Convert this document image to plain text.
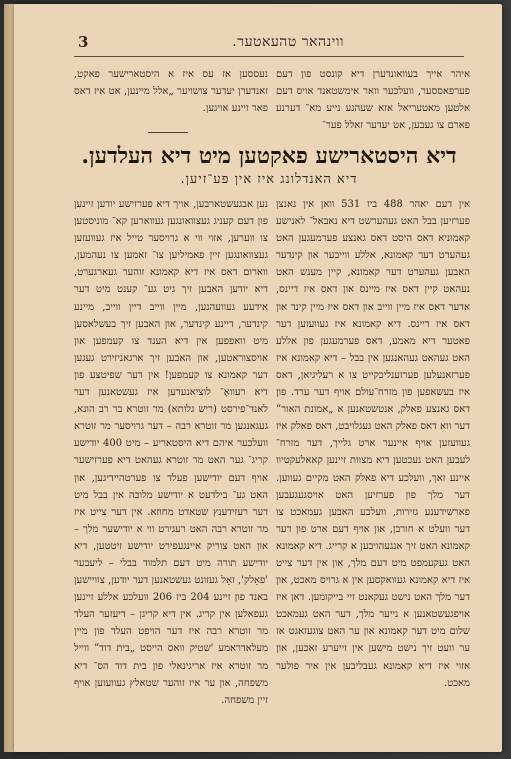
ווינהאר טהעאטער.
3

איהר אייך בעוואונדערן דיא קונסט פון דעם פערפאססער, וועלכער וואר אימשטאנד אויס דעם אלטען מאטעריאל אזא שעהנע נייע מא־ דערנע פארם צו געבען, אט יעדער זאלל פער־

נעססען אז עס איז א היסטארישער פאקט, זאנדערן יעדער צושויער „אלל מיינען, אט איז דאס פאר זיינע אויגען.

דיא היסטארישע פאקטען מיט דיא העלדען.
דיא האנדלונג איז אין פע־זיען.

אין דעם יאהר 488 ביז 531 וואן אין נאנצן פערזיען בבל האט געהערשט דיא נאבאל־ לאנישע קאמוניא דאס היסט דאס גאנצע פערמעגען האט געהערט דער קאמונא, אללע ווייבער און קינדער האבען געהערט דער קאמונא, קיין מענש האט נעהאט קיין דאס איז מיינס און דאס איז דיינס, אדער דאס איז מיין ווייב און דאס איז מיין קינד און דאס איז דיינס. דיא קאמונא איז געוועזען דער פאטער דיא מאמע, דאס פערמעגען פון אללע האט געהאט געהאנגען אין בבל – דיא קאמונא איז פערזאנעלען פערזענליכקייט צו א רעליגיאן, דאס איז בעשאפען פון מזרח־עולם אויף דער ערד. פון דאס גאנצע פאלק, אנטשטאנען א „אמונת האור” דער ווא דאס פאלק האט געגלויבט, דאס פאלק איז געוועזען אויף איינער ארט גלייך, דער מזרח־ לעבען האט נעכטען דיא מצוות זיינען קאאלעקטיוו איינע זאך, וועלכע דיא פאלק האט מקיים געווען. דער מלך פון פערזיען האט אויסגעגעבען פארשידענע גזירות, וועלכע האבען געמאכט צו דער וועלט א חורבן, און אויף דעם ארט פון דער קאמונא האט זיך אנגעהויבען א קרייג. דיא קאמונא האט געקעמפט מיט דעם מלך, און אין דער צייט איז דיא קאמונא געוואקסען אין א גרויס מאכט, און דער מלך האט נישט געקאנט זיי בייקומען. דאן איז אויפגעשטאנען א נייער מלך, דער האט געמאכט שלום מיט דער קאמונא און ער האט צוגעזאגט אז ער וועט זיך נישט מישען אין זייערע זאכען, און אזוי איז דיא קאמונא געבליבען אין איר פולער מאכט.

נען אבגעשטארבען, אויך דיא פערזישע יודען זיינען פון דעם קעניג געצוואונגען געווארען קא־ מוניסטען צו ווערען, אזוי ווי א גרויסער טייל איז געוועזען געצוואונגען זיין פאמיליען צו־ זאמען צו נעהמען, ווארום דאס איז דיא קאמונא זוהער געארגערט, דיא יודען האבען זיך גיט גע־ קענט מיט דער אידעע געוועהנען, מיין ווייב דיין ווייב, מיינע קינדער, דיינע קינדער, און האבען זיך בעשלאסען מיט וואפפען אין דיא הענד צו קעמפען און אויסצוראטען, און האבען זיך ארגאניזירט געגען דער קאמונא צו קעמפען! אין דער שפיטצע פון דיא רעוואָ־ לוציאנערען איז געשטאנען דער לאנד־פירסט (ריש גלותא) מר זוטרא בר רב הונא, געגאנגען מר זוטרא רבה – דער גרויסער מר זוטרא וועלכער איהם דיא היסטאריע – מיט 400 יודישע קריג־ גער האט מר זוטרא געהאט דיא פערזישער אויף דעם יודישען פעלד צו פערטהיידיגען, און האט גע־ בילדעט א יודישע מלוכה אין בבל מיט דער רעזידענץ שטאדט מחוזא. אין דער צייט איז מר זוטרא רבה האט רעגירט ווי א יודישער מלך – און האט צוריק איינגעפירט יודישע זיטטען, דיא יודישע תורה מיט דעם תלמוד בבלי – ליעבער 'פאָלק', זאָל געזונט געשטאנען דער יודען, צוויישען באנד פון זיינע 204 ביז 206 וועלכע אללע זיינען געפאלען אין קריג. אין דיא קריגן – דיעזער העלד מר זוטרא רבה איז דער הויפט העלד פון מיין מעלאדראמע 'שטיק וואס הייסט „בית דוד” ווייל מר זוטרא איז אריגינאלי פון בית דוד הס־ דיא משפחה, און ער איז זוהער שטאלץ געוועזען אויף זיין משפחה.
